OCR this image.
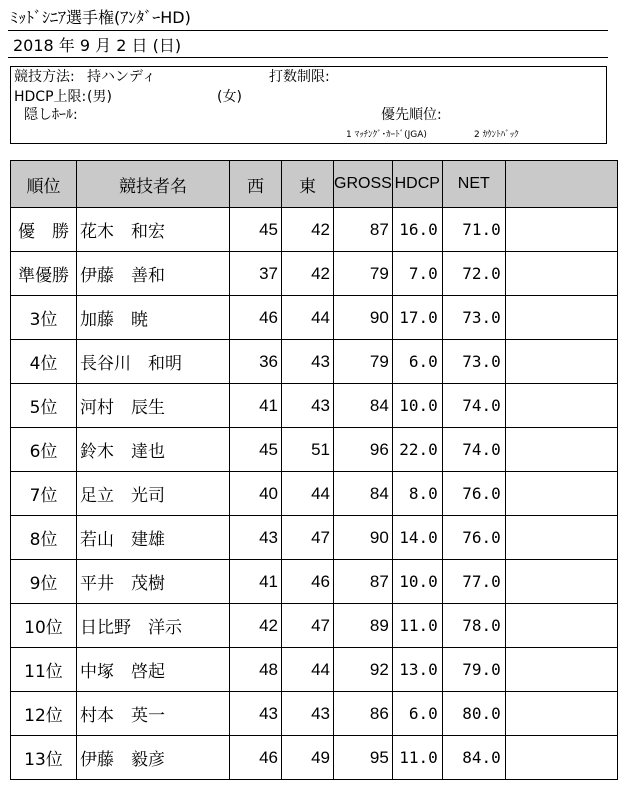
ﾐｯﾄﾞｼﾆｱ選手権(ｱﾝﾀﾞｰHD)
2018 年 9 月 2 日 (日)
競技方法: 持ハンディ	打数制限:
HDCP上限: (男)	(女)
隠しﾎｰﾙ:	優先順位:
1 ﾏｯﾁﾝｸﾞ･ｶｰﾄﾞ(JGA)	2 ｶｳﾝﾄﾊﾞｯｸ
順位	競技者名	西	東	GROSS	HDCP	NET	
優　勝	花木　和宏	45	42	87	16.0	71.0	
準優勝	伊藤　善和	37	42	79	7.0	72.0	
3位	加藤　暁	46	44	90	17.0	73.0	
4位	長谷川　和明	36	43	79	6.0	73.0	
5位	河村　辰生	41	43	84	10.0	74.0	
6位	鈴木　達也	45	51	96	22.0	74.0	
7位	足立　光司	40	44	84	8.0	76.0	
8位	若山　建雄	43	47	90	14.0	76.0	
9位	平井　茂樹	41	46	87	10.0	77.0	
10位	日比野　洋示	42	47	89	11.0	78.0	
11位	中塚　啓起	48	44	92	13.0	79.0	
12位	村本　英一	43	43	86	6.0	80.0	
13位	伊藤　毅彦	46	49	95	11.0	84.0	
